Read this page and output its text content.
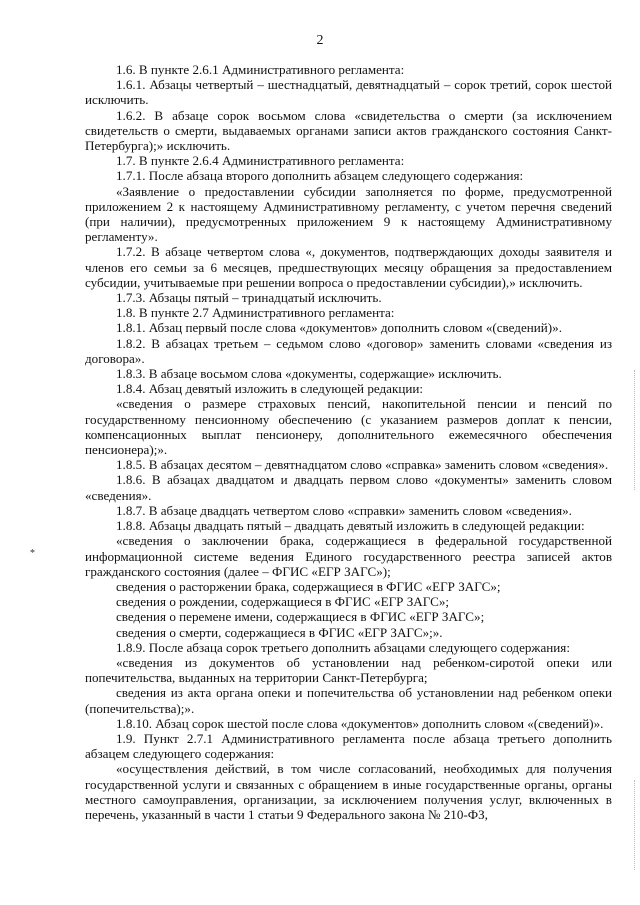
2
*

1.6. В пункте 2.6.1 Административного регламента:

1.6.1. Абзацы четвертый – шестнадцатый, девятнадцатый – сорок третий, сорок шестой исключить.

1.6.2. В абзаце сорок восьмом слова «свидетельства о смерти (за исключением свидетельств о смерти, выдаваемых органами записи актов гражданского состояния Санкт-Петербурга);» исключить.

1.7. В пункте 2.6.4 Административного регламента:

1.7.1. После абзаца второго дополнить абзацем следующего содержания:

«Заявление о предоставлении субсидии заполняется по форме, предусмотренной приложением 2 к настоящему Административному регламенту, с учетом перечня сведений (при наличии), предусмотренных приложением 9 к настоящему Административному регламенту».

1.7.2. В абзаце четвертом слова «, документов, подтверждающих доходы заявителя и членов его семьи за 6 месяцев, предшествующих месяцу обращения за предоставлением субсидии, учитываемые при решении вопроса о предоставлении субсидии),» исключить.

1.7.3. Абзацы пятый – тринадцатый исключить.

1.8. В пункте 2.7 Административного регламента:

1.8.1. Абзац первый после слова «документов» дополнить словом «(сведений)».

1.8.2. В абзацах третьем – седьмом слово «договор» заменить словами «сведения из договора».

1.8.3. В абзаце восьмом слова «документы, содержащие» исключить.

1.8.4. Абзац девятый изложить в следующей редакции:

«сведения о размере страховых пенсий, накопительной пенсии и пенсий по государственному пенсионному обеспечению (с указанием размеров доплат к пенсии, компенсационных выплат пенсионеру, дополнительного ежемесячного обеспечения пенсионера);».

1.8.5. В абзацах десятом – девятнадцатом слово «справка» заменить словом «сведения».

1.8.6. В абзацах двадцатом и двадцать первом слово «документы» заменить словом «сведения».

1.8.7. В абзаце двадцать четвертом слово «справки» заменить словом «сведения».

1.8.8. Абзацы двадцать пятый – двадцать девятый изложить в следующей редакции:

«сведения о заключении брака, содержащиеся в федеральной государственной информационной системе ведения Единого государственного реестра записей актов гражданского состояния (далее – ФГИС «ЕГР ЗАГС»);

сведения о расторжении брака, содержащиеся в ФГИС «ЕГР ЗАГС»;

сведения о рождении, содержащиеся в ФГИС «ЕГР ЗАГС»;

сведения о перемене имени, содержащиеся в ФГИС «ЕГР ЗАГС»;

сведения о смерти, содержащиеся в ФГИС «ЕГР ЗАГС»;».

1.8.9. После абзаца сорок третьего дополнить абзацами следующего содержания:

«сведения из документов об установлении над ребенком-сиротой опеки или попечительства, выданных на территории Санкт-Петербурга;

сведения из акта органа опеки и попечительства об установлении над ребенком опеки (попечительства);».

1.8.10. Абзац сорок шестой после слова «документов» дополнить словом «(сведений)».

1.9. Пункт 2.7.1 Административного регламента после абзаца третьего дополнить абзацем следующего содержания:

«осуществления действий, в том числе согласований, необходимых для получения государственной услуги и связанных с обращением в иные государственные органы, органы местного самоуправления, организации, за исключением получения услуг, включенных в перечень, указанный в части 1 статьи 9 Федерального закона № 210-ФЗ,
